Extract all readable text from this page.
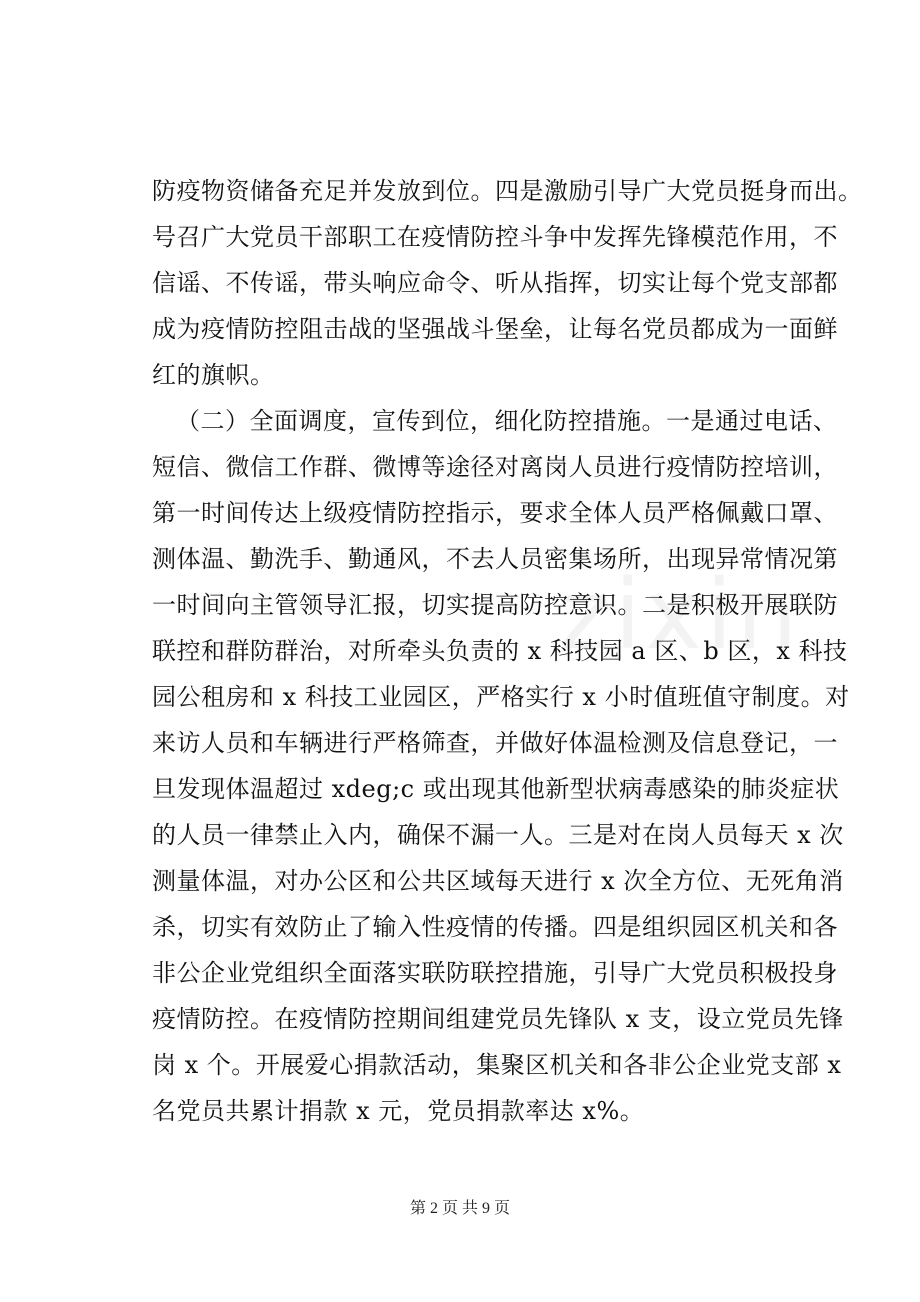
防疫物资储备充足并发放到位。四是激励引导广大党员挺身而出。
号召广大党员干部职工在疫情防控斗争中发挥先锋模范作用，不
信谣、不传谣，带头响应命令、听从指挥，切实让每个党支部都
成为疫情防控阻击战的坚强战斗堡垒，让每名党员都成为一面鲜
红的旗帜。
（二）全面调度，宣传到位，细化防控措施。一是通过电话、
短信、微信工作群、微博等途径对离岗人员进行疫情防控培训，
第一时间传达上级疫情防控指示，要求全体人员严格佩戴口罩、
测体温、勤洗手、勤通风，不去人员密集场所，出现异常情况第
一时间向主管领导汇报，切实提高防控意识。二是积极开展联防
联控和群防群治，对所牵头负责的 x 科技园 a 区、b 区，x 科技
园公租房和 x 科技工业园区，严格实行 x 小时值班值守制度。对
来访人员和车辆进行严格筛查，并做好体温检测及信息登记，一
旦发现体温超过 xdeg;c 或出现其他新型状病毒感染的肺炎症状
的人员一律禁止入内，确保不漏一人。三是对在岗人员每天 x 次
测量体温，对办公区和公共区域每天进行 x 次全方位、无死角消
杀，切实有效防止了输入性疫情的传播。四是组织园区机关和各
非公企业党组织全面落实联防联控措施，引导广大党员积极投身
疫情防控。在疫情防控期间组建党员先锋队 x 支，设立党员先锋
岗 x 个。开展爱心捐款活动，集聚区机关和各非公企业党支部 x
名党员共累计捐款 x 元，党员捐款率达 x%。
第 2 页 共 9 页
